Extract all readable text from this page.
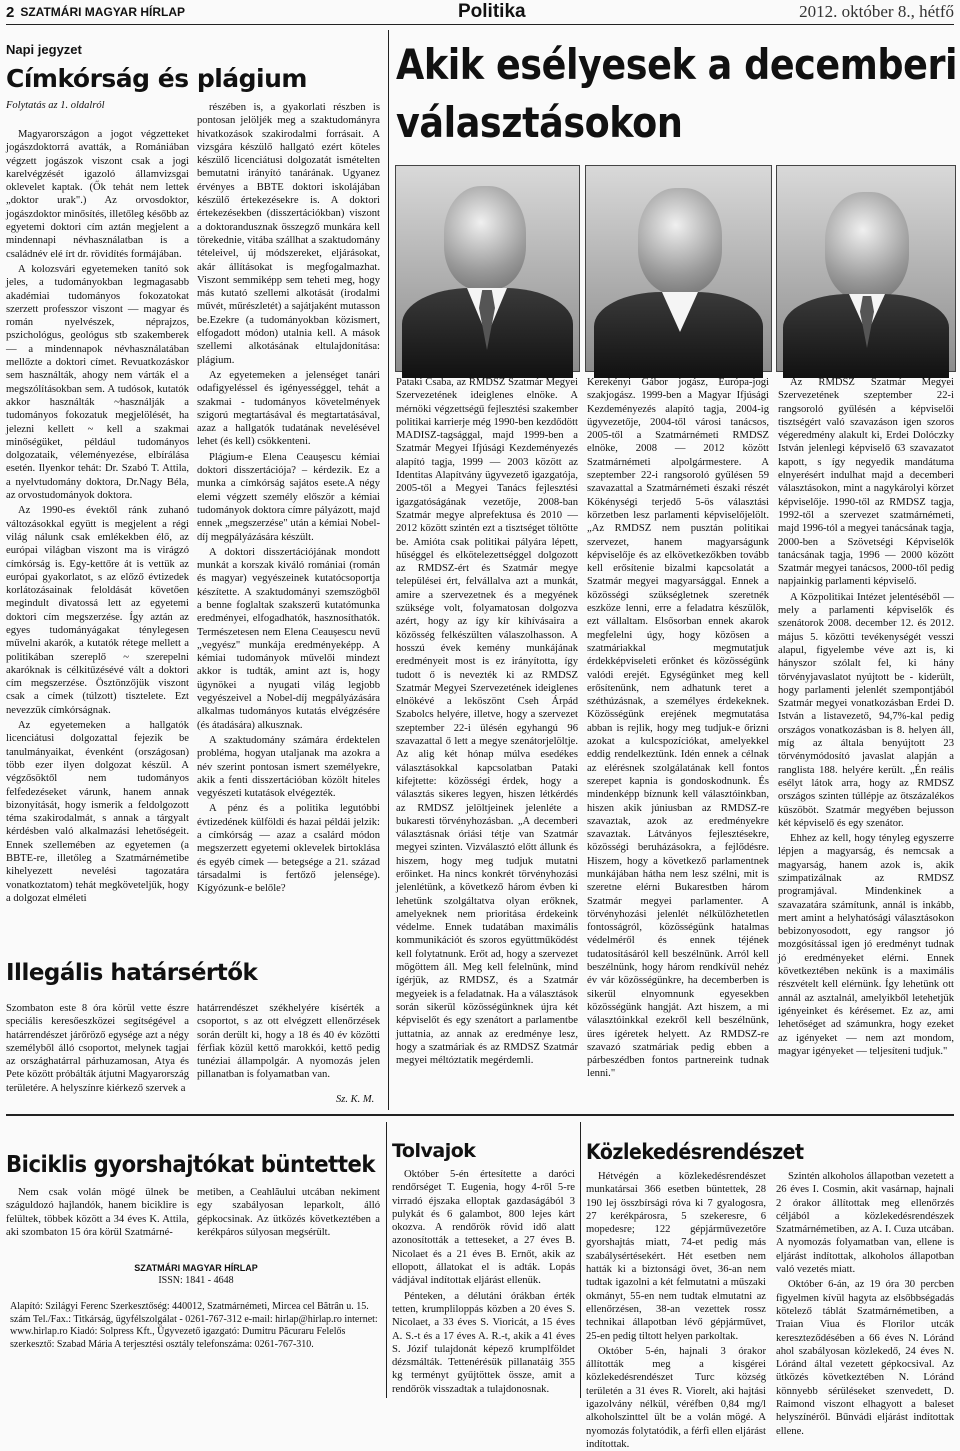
2 SZATMÁRI MAGYAR HÍRLAP	Politika	2012. október 8., hétfő
Napi jegyzet
Címkórság és plágium
Folytatás az 1. oldalról

Magyarországon a jogot végzetteket jogászdoktorrá avatták, a Romániában végzett jogászok viszont csak a jogi karelvégzését igazoló államvizsgai oklevelet kaptak. (Ők tehát nem lettek „doktor urak".) Az orvosdoktor, jogászdoktor minősítés, illetőleg később az egyetemi doktori cím aztán megjelent a mindennapi névhasználatban is a családnév elé írt dr. rövidítés formájában.

A kolozsvári egyetemeken tanító sok jeles, a tudományokban legmagasabb akadémiai tudományos fokozatokat szerzett professzor viszont — magyar és román nyelvészek, néprajzos, pszichológus, geológus stb szakemberek — a mindennapok névhasználatában mellőzte a doktori címet. Revuatkozáskor sem használták, ahogy nem várták el a megszólításokban sem. A tudósok, kutatók akkor használták ~használják a tudományos fokozatuk megjelölését, ha jelezni kellett ~ kell a szakmai minőségüket, például tudományos dolgozataik, véleményezése, elbírálása esetén. Ilyenkor tehát: Dr. Szabó T. Attila, a nyelvtudomány doktora, Dr.Nagy Béla, az orvostudományok doktora.

Az 1990-es évektől ránk zuhanó változásokkal együtt is megjelent a régi világ nálunk csak emlékekben élő, az európai világban viszont ma is virágzó címkórság is. Egy-kettőre át is vettük az európai gyakorlatot, s az előző évtizedek korlátozásainak feloldását követően megindult divatossá lett az egyetemi doktori cím megszerzése. Így aztán az egyes tudományágakat ténylegesen művelni akarók, a kutatók rétege mellett a politikában szereplő ~ szerepelni akaróknak is célkitűzésévé vált a doktori cím megszerzése. Ösztönzőjük viszont csak a címek (túlzott) tisztelete. Ezt nevezzük címkórságnak.

Az egyetemeken a hallgatók licenciátusi dolgozattal fejezik be tanulmányaikat, évenként (országosan) több ezer ilyen dolgozat készül. A végzősöktől nem tudományos felfedezéseket várunk, hanem annak bizonyítását, hogy ismerik a feldolgozott téma szakirodalmát, s annak a tárgyalt kérdésben való alkalmazási lehetőségeit. Ennek szellemében az egyetemen (a BBTE-re, illetőleg a Szatmárnémetibe kihelyezett nevelési tagozatára vonatkoztatom) tehát megköveteljük, hogy a dolgozat elméleti

részében is, a gyakorlati részben is pontosan jelöljék meg a szaktudományra hivatkozások szakirodalmi forrásait. A vizsgára készülő hallgató ezért köteles készülő licenciátusi dolgozatát ismételten bemutatni irányító tanárának. Ugyanez érvényes a BBTE doktori iskolájában készülő értekezésekre is. A doktori értekezésekben (disszertációkban) viszont a doktorandusznak összegző munkára kell törekednie, vitába szállhat a szaktudomány tételeivel, új módszereket, eljárásokat, akár állításokat is megfogalmazhat. Viszont semmiképp sem teheti meg, hogy más kutató szellemi alkotását (irodalmi művét, műrészletét) a sajátjaként mutasson be.Ezekre (a tudományokban közismert, elfogadott módon) utalnia kell. A mások szellemi alkotásának eltulajdonítása: plágium.

Az egyetemeken a jelenséget tanári odafigyeléssel és igényességgel, tehát a szakmai - tudományos követelmények szigorú megtartásával és megtartatásával, azaz a hallgatók tudatának nevelésével lehet (és kell) csökkenteni.

Plágium-e Elena Ceaușescu kémiai doktori disszertációja? – kérdezik. Ez a munka a címkórság sajátos esete.A négy elemi végzett személy először a kémiai tudományok doktora címre pályázott, majd ennek „megszerzése" után a kémiai Nobel-díj megpályázására készült.

A doktori disszertációjának mondott munkát a korszak kiváló romániai (román és magyar) vegyészeinek kutatócsoportja készítette. A szaktudományi szemszögből a benne foglaltak szakszerű kutatómunka eredményei, elfogadhatók, hasznosíthatók. Természetesen nem Elena Ceaușescu nevű „vegyész" munkája eredményeképp. A kémiai tudományok művelői mindezt akkor is tudták, amint azt is, hogy ügynökei a nyugati világ legjobb vegyészeivel a Nobel-díj megpályázására alkalmas tudományos kutatás elvégzésére (és átadására) alkusznak.

A szaktudomány számára érdektelen probléma, hogyan utaljanak ma azokra a név szerint pontosan ismert személyekre, akik a fenti disszertációban közölt hiteles vegyészeti kutatások elvégezték.

A pénz és a politika legutóbbi évtizedének külföldi és hazai példái jelzik: a címkórság — azaz a csalárd módon megszerzett egyetemi oklevelek birtoklása és egyéb címek — betegsége a 21. század társadalmi is fertőző jelensége). Kígyózunk-e belőle?

Illegális határsértők

Szombaton este 8 óra körül vette észre speciális keresőeszközei segítségével a határrendészet járőröző egysége azt a négy személyből álló csoportot, melynek tagjai az országhatárral párhuzamosan, Atya és Pete között próbálták átjutni Magyarország területére. A helyszínre kiérkező szervek a

határrendészet székhelyére kísérték a csoportot, s az ott elvégzett ellenőrzések során derült ki, hogy a 18 és 40 év közötti férfiak közül kettő marokkói, kettő pedig tunéziai állampolgár. A nyomozás jelen pillanatban is folyamatban van.

Sz. K. M.
Akik esélyesek a decemberi
választásokon

Pataki Csaba, az RMDSZ Szatmár Megyei Szervezetének ideiglenes elnöke. A mérnöki végzettségű fejlesztési szakember politikai karrierje még 1990-ben kezdődött MADISZ-tagsággal, majd 1999-ben a Szatmár Megyei Ifjúsági Kezdeményezés alapító tagja, 1999 — 2003 között az Identitas Alapítvány ügyvezető igazgatója, 2005-től a Megyei Tanács fejlesztési igazgatóságának vezetője, 2008-ban Szatmár megye alprefektusa és 2010 — 2012 között szintén ezt a tisztséget töltötte be. Amióta csak politikai pályára lépett, hűséggel és elkötelezettséggel dolgozott az RMDSZ-ért és Szatmár megye települései ért, felvállalva azt a munkát, amire a szervezetnek és a megyének szüksége volt, folyamatosan dolgozva azért, hogy az így kír kihívásaira a közösség felkészülten válaszolhasson. A hosszú évek kemény munkájának eredményeit most is ez irányította, így tudott ő is nevezték ki az RMDSZ Szatmár Megyei Szervezetének ideiglenes elnökévé a leköszönt Cseh Árpád Szabolcs helyére, illetve, hogy a szervezet szeptember 22-i ülésén egyhangú 96 szavazattal ő lett a megye szenátorjelöltje. Az alig két hónap múlva esedékes választásokkal kapcsolatban Pataki kifejtette: közösségi érdek, hogy a választás sikeres legyen, hiszen létkérdés az RMDSZ jelöltjeinek jelenléte a bukaresti törvényhozásban. „A decemberi választásnak óriási tétje van Szatmár megyei szinten. Vizválasztó előtt állunk és hiszem, hogy meg tudjuk mutatni erőinket. Ha nincs konkrét törvényhozási jelenlétünk, a következő három évben ki lehetünk szolgáltatva olyan erőknek, amelyeknek nem prioritása érdekeink védelme. Ennek tudatában maximális kommunikációt és szoros együttműködést kell folytatnunk. Erőt ad, hogy a szervezet mögöttem áll. Meg kell felelnünk, mind ígérjük, az RMDSZ, és a Szatmár megyeiek is a feladatnak. Ha a választások során sikerül közösségünknek újra két képviselőt és egy szenátort a parlamentbe juttatnia, az annak az eredménye lesz, hogy a szatmáriak és az RMDSZ Szatmár megyei méltóztatik megérdemli.

Kerekényi Gábor jogász, Európa-jogi szakjogász. 1999-ben a Magyar Ifjúsági Kezdeményezés alapító tagja, 2004-ig ügyvezetője, 2004-től városi tanácsos, 2005-től a Szatmárnémeti RMDSZ elnöke, 2008 — 2012 között Szatmárnémeti alpolgármestere. A szeptember 22-i rangsoroló gyűlésen 59 szavazattal a Szatmárnémeti északi részét Kökénységi terjedő 5-ös választási körzetben lesz parlamenti képviselőjelölt. „Az RMDSZ nem pusztán politikai szervezet, hanem magyarságunk képviselője és az elkövetkezőkben tovább kell erősítenie bizalmi kapcsolatát a Szatmár megyei magyarsággal. Ennek a közösségi szükségletnek szeretnék eszköze lenni, erre a feladatra készülök, ezt vállaltam. Elsősorban ennek akarok megfelelni úgy, hogy közösen a szatmáriakkal megmutatjuk érdekképviseleti erőnket és közösségünk valódi erejét. Egységünket meg kell erősítenünk, nem adhatunk teret a széthúzásnak, a személyes érdekeknek. Közösségünk erejének megmutatása abban is rejlik, hogy meg tudjuk-e őrizni azokat a kulcspozíciókat, amelyekkel eddig rendelkeztünk. Idén ennek a célnak az elérésnek szolgálatának kell fontos szerepet kapnia is gondoskodnunk. És mindenképp bíznunk kell választóinkban, hiszen akik júniusban az RMDSZ-re szavaztak, azok az eredményekre szavaztak. Látványos fejlesztésekre, közösségi beruházásokra, a fejlődésre. Hiszem, hogy a következő parlamentnek munkájában hátha nem lesz szélni, mit is szeretne elérni Bukarestben három Szatmár megyei parlamenter. A törvényhozási jelenlét nélkülözhetetlen fontosságról, közösségünk hatalmas védelméről és ennek téjének tudatosításáról kell beszélnünk. Arról kell beszélnünk, hogy három rendkívül nehéz év vár közösségünkre, ha decemberben is sikerül elnyomnunk egyesekben közösségünk hangját. Azt hiszem, a mi választóinkkal ezekről kell beszélnünk, üres ígéretek helyett. Az RMDSZ-re szavazó szatmáriak pedig ebben a párbeszédben fontos partnereink tudnak lenni."

Az RMDSZ Szatmár Megyei Szervezetének szeptember 22-i rangsoroló gyűlésén a képviselői tisztségért való szavazáson igen szoros végeredmény alakult ki, Erdei Dolóczky István jelenlegi képviselő 63 szavazatot kapott, s így negyedik mandátuma elnyerésért indulhat majd a decemberi választásokon, mint a nagykárolyi körzet képviselője. 1990-től az RMDSZ tagja, 1992-től a szervezet szatmárnémeti, majd 1996-tól a megyei tanácsának tagja, 2000-ben a Szövetségi Képviselők tanácsának tagja, 1996 — 2000 között Szatmár megyei tanácsos, 2000-től pedig napjainkig parlamenti képviselő.

A Közpolitikai Intézet jelentéséből — mely a parlamenti képviselők és szenátorok 2008. december 12. és 2012. május 5. közötti tevékenységét vesszi alapul, figyelembe véve azt is, ki hányszor szólalt fel, ki hány törvényjavaslatot nyújtott be - kiderült, hogy parlamenti jelenlét szempontjából Szatmár megyei vonatkozásban Erdei D. István a listavezető, 94,7%-kal pedig országos vonatkozásban is 8. helyen áll, míg az általa benyújtott 23 törvénymódosító javaslat alapján a ranglista 188. helyére került. „Én reális esélyt látok arra, hogy az RMDSZ országos szinten túllépje az ötszázalékos küszöböt. Szatmár megyében bejusson két képviselő és egy szenátor.

Ehhez az kell, hogy tényleg egyszerre lépjen a magyarság, és nemcsak a magyarság, hanem azok is, akik szimpatizálnak az RMDSZ programjával. Mindenkinek a szavazatára számítunk, annál is inkább, mert amint a helyhatósági választásokon bebizonyosodott, egy rangsor jó mozgósítással igen jó eredményt tudnak jó eredményeket elérni. Ennek következtében nekünk is a maximális részvételt kell elérnünk. Így lehetünk ott annál az asztalnál, amelyikből letehetjük igényeinket és kérésemet. Ez az, ami lehetőséget ad számunkra, hogy ezeket az igényeket — nem azt mondom, magyar igényeket — teljesíteni tudjuk."

Biciklis gyorshajtókat büntettek

Nem csak volán mögé ülnek be száguldozó hajlandók, hanem biciklire is felültek, többek között a 34 éves K. Attila, aki szombaton 15 óra körül Szatmárné-

metiben, a Ceahlăului utcában nekiment egy szabályosan leparkolt, álló gépkocsinak. Az ütközés következtében a kerékpáros súlyosan megsérült.

SZATMÁRI MAGYAR HÍRLAP
ISSN: 1841 - 4648
Alapító: Szilágyi Ferenc Szerkesztőség: 440012, Szatmárnémeti, Mircea cel Bătrân u. 15. szám Tel./Fax.: Titkárság, ügyfélszolgálat - 0261-767-312 e-mail: hirlap@hirlap.ro internet: www.hirlap.ro Kiadó: Solpress Kft., Ügyvezető igazgató: Dumitru Păcuraru Felelős szerkesztő: Szabad Mária A terjesztési osztály telefonszáma: 0261-767-310.
Tolvajok

Október 5-én értesítette a daróci rendőrséget T. Eugenia, hogy 4-ről 5-re virradó éjszaka elloptak gazdaságából 3 pulykát és 6 galambot, 800 lejes kárt okozva. A rendőrök rövid idő alatt azonosították a tetteseket, a 27 éves B. Nicolaet és a 21 éves B. Ernőt, akik az ellopott, állatokat el is adták. Lopás vádjával indítottak eljárást ellenük.

Pénteken, a délutáni órákban érték tetten, krumpliloppás közben a 20 éves S. Nicolaet, a 33 éves S. Vioricát, a 15 éves A. S.-t és a 17 éves A. R.-t, akik a 41 éves S. Józif tulajdonát képező krumplföldet dézsmálták. Tettenérésük pillanatáig 355 kg terményt gyűjtöttek össze, amit a rendőrök visszadtak a tulajdonosnak.

Közlekedésrendészet

Hétvégén a közlekedésrendészet munkatársai 366 esetben büntettek, 28 190 lej összbírsági róva ki 7 gyalogosra, 27 kerékpárosra, 5 szekeresre, 6 mopedesre; 122 gépjárművezetőre gyorshajtás miatt, 74-et pedig más szabálysértésekért. Hét esetben nem hatták ki a biztonsági övet, 36-an nem tudtak igazolni a két felmutatni a műszaki okmányt, 55-en nem tudtak elmutatni az ellenőrzésen, 38-an vezettek rossz technikai állapotban lévő gépjárművet, 25-en pedig tiltott helyen parkoltak.

Október 5-én, hajnali 3 órakor állították meg a kisgérei közlekedésrendészet Turc község területén a 31 éves R. Viorelt, aki hajtási igazolvány nélkül, véréfben 0,84 mg/l alkoholszinttel ült be a volán mögé. A nyomozás folytatódik, a férfi ellen eljárást indítottak.

Szintén alkoholos állapotban vezetett a 26 éves I. Cosmin, akit vasárnap, hajnali 2 órakor állítottak meg ellenőrzés céljából a közlekedésrendészek Szatmárnémetiben, az A. I. Cuza utcában. A nyomozás folyamatban van, ellene is eljárást indítottak, alkoholos állapotban való vezetés miatt.

Október 6-án, az 19 óra 30 percben figyelmen kívül hagyta az elsőbbségadás kötelező táblát Szatmárnémetiben, a Traian Viua és Florilor utcák kereszteződésében a 66 éves N. Lóránd ahol szabályosan közlekedő, 24 éves N. Lóránd által vezetett gépkocsival. Az ütközés következtében N. Lóránd könnyebb sérüléseket szenvedett, D. Raimond viszont elhagyott a baleset helyszínéről. Bűnvádi eljárást indítottak ellene.
